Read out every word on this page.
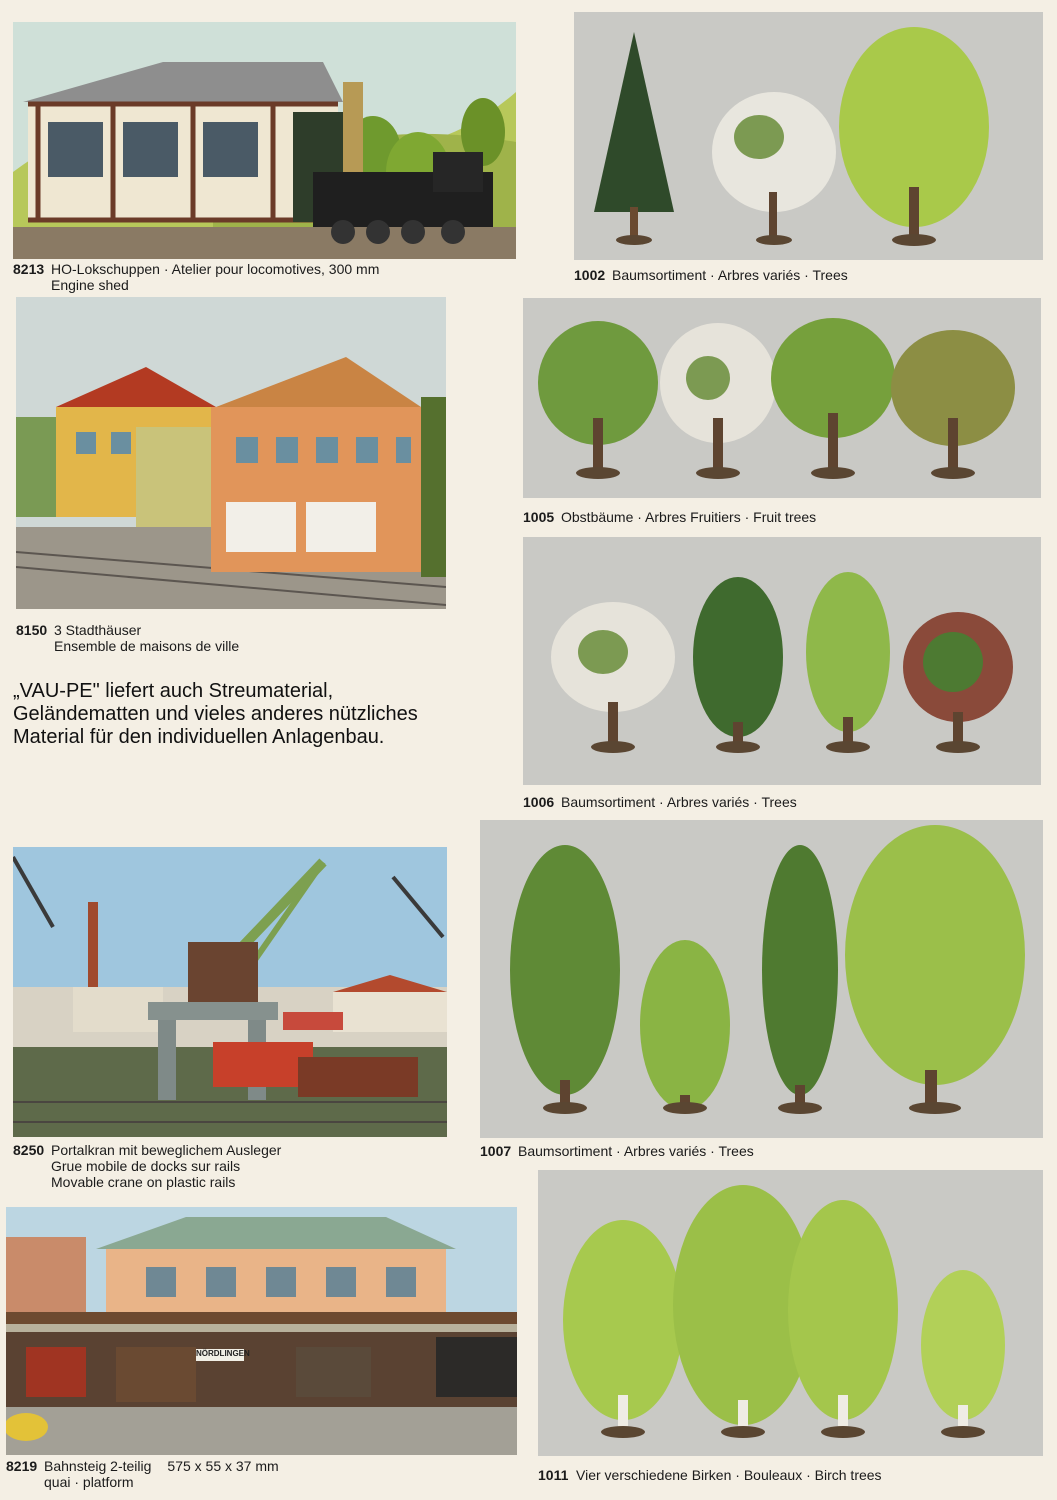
8213 HO-Lokschuppen · Atelier pour locomotives, 300 mm
Engine shed
8150 3 Stadthäuser
Ensemble de maisons de ville
„VAU-PE" liefert auch Streumaterial, Geländematten und vieles anderes nützliches Material für den individuellen Anlagenbau.
8250 Portalkran mit beweglichem Ausleger
Grue mobile de docks sur rails
Movable crane on plastic rails
NÖRDLINGEN
8219 Bahnsteig 2-teilig 575 x 55 x 37 mm
quai · platform
1002 Baumsortiment · Arbres variés · Trees
1005 Obstbäume · Arbres Fruitiers · Fruit trees
1006 Baumsortiment · Arbres variés · Trees
1007 Baumsortiment · Arbres variés · Trees
1011 Vier verschiedene Birken · Bouleaux · Birch trees
